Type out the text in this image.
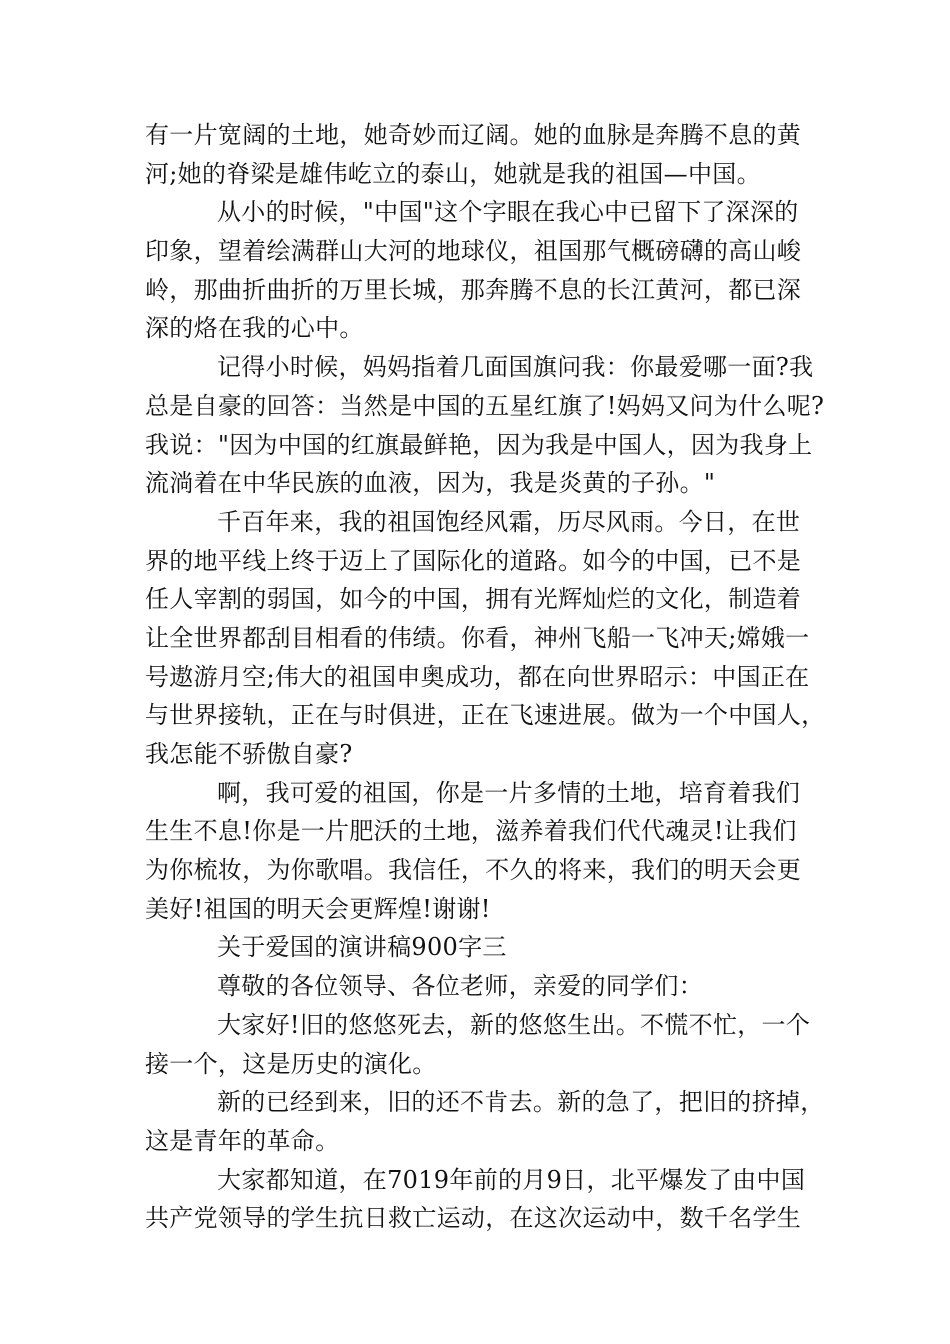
有一片宽阔的土地，她奇妙而辽阔。她的血脉是奔腾不息的黄
河;她的脊梁是雄伟屹立的泰山，她就是我的祖国—中国。
从小的时候，"中国"这个字眼在我心中已留下了深深的
印象，望着绘满群山大河的地球仪，祖国那气概磅礴的高山峻
岭，那曲折曲折的万里长城，那奔腾不息的长江黄河，都已深
深的烙在我的心中。
记得小时候，妈妈指着几面国旗问我：你最爱哪一面?我
总是自豪的回答：当然是中国的五星红旗了!妈妈又问为什么呢?
我说："因为中国的红旗最鲜艳，因为我是中国人，因为我身上
流淌着在中华民族的血液，因为，我是炎黄的子孙。"
千百年来，我的祖国饱经风霜，历尽风雨。今日，在世
界的地平线上终于迈上了国际化的道路。如今的中国，已不是
任人宰割的弱国，如今的中国，拥有光辉灿烂的文化，制造着
让全世界都刮目相看的伟绩。你看，神州飞船一飞冲天;嫦娥一
号遨游月空;伟大的祖国申奥成功，都在向世界昭示：中国正在
与世界接轨，正在与时俱进，正在飞速进展。做为一个中国人，
我怎能不骄傲自豪?
啊，我可爱的祖国，你是一片多情的土地，培育着我们
生生不息!你是一片肥沃的土地，滋养着我们代代魂灵!让我们
为你梳妆，为你歌唱。我信任，不久的将来，我们的明天会更
美好!祖国的明天会更辉煌!谢谢!
关于爱国的演讲稿900字三
尊敬的各位领导、各位老师，亲爱的同学们：
大家好!旧的悠悠死去，新的悠悠生出。不慌不忙，一个
接一个，这是历史的演化。
新的已经到来，旧的还不肯去。新的急了，把旧的挤掉，
这是青年的革命。
大家都知道，在7019年前的月9日，北平爆发了由中国
共产党领导的学生抗日救亡运动，在这次运动中，数千名学生
